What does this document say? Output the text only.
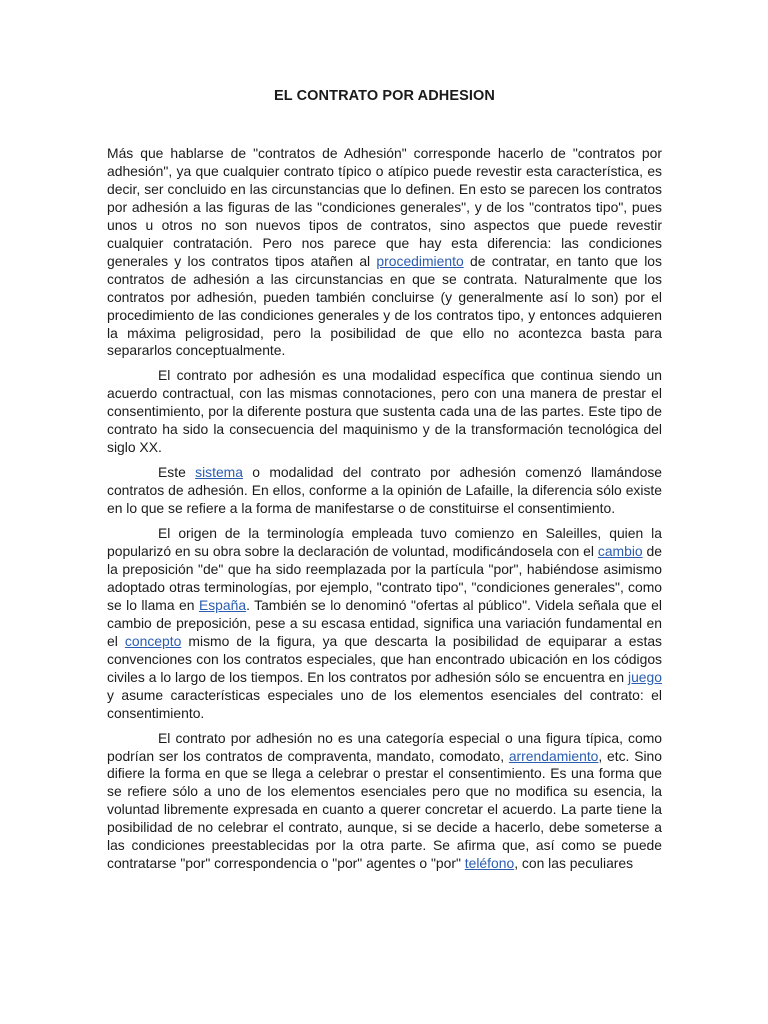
EL CONTRATO POR ADHESION

Más que hablarse de "contratos de Adhesión" corresponde hacerlo de "contratos por adhesión", ya que cualquier contrato típico o atípico puede revestir esta característica, es decir, ser concluido en las circunstancias que lo definen. En esto se parecen los contratos por adhesión a las figuras de las "condiciones generales", y de los "contratos tipo", pues unos u otros no son nuevos tipos de contratos, sino aspectos que puede revestir cualquier contratación. Pero nos parece que hay esta diferencia: las condiciones generales y los contratos tipos atañen al procedimiento de contratar, en tanto que los contratos de adhesión a las circunstancias en que se contrata. Naturalmente que los contratos por adhesión, pueden también concluirse (y generalmente así lo son) por el procedimiento de las condiciones generales y de los contratos tipo, y entonces adquieren la máxima peligrosidad, pero la posibilidad de que ello no acontezca basta para separarlos conceptualmente.

El contrato por adhesión es una modalidad específica que continua siendo un acuerdo contractual, con las mismas connotaciones, pero con una manera de prestar el consentimiento, por la diferente postura que sustenta cada una de las partes. Este tipo de contrato ha sido la consecuencia del maquinismo y de la transformación tecnológica del siglo XX.

Este sistema o modalidad del contrato por adhesión comenzó llamándose contratos de adhesión. En ellos, conforme a la opinión de Lafaille, la diferencia sólo existe en lo que se refiere a la forma de manifestarse o de constituirse el consentimiento.

El origen de la terminología empleada tuvo comienzo en Saleilles, quien la popularizó en su obra sobre la declaración de voluntad, modificándosela con el cambio de la preposición "de" que ha sido reemplazada por la partícula "por", habiéndose asimismo adoptado otras terminologías, por ejemplo, "contrato tipo", "condiciones generales", como se lo llama en España. También se lo denominó "ofertas al público". Videla señala que el cambio de preposición, pese a su escasa entidad, significa una variación fundamental en el concepto mismo de la figura, ya que descarta la posibilidad de equiparar a estas convenciones con los contratos especiales, que han encontrado ubicación en los códigos civiles a lo largo de los tiempos. En los contratos por adhesión sólo se encuentra en juego y asume características especiales uno de los elementos esenciales del contrato: el consentimiento.

El contrato por adhesión no es una categoría especial o una figura típica, como podrían ser los contratos de compraventa, mandato, comodato, arrendamiento, etc. Sino difiere la forma en que se llega a celebrar o prestar el consentimiento. Es una forma que se refiere sólo a uno de los elementos esenciales pero que no modifica su esencia, la voluntad libremente expresada en cuanto a querer concretar el acuerdo. La parte tiene la posibilidad de no celebrar el contrato, aunque, si se decide a hacerlo, debe someterse a las condiciones preestablecidas por la otra parte. Se afirma que, así como se puede contratarse "por" correspondencia o "por" agentes o "por" teléfono, con las peculiares
